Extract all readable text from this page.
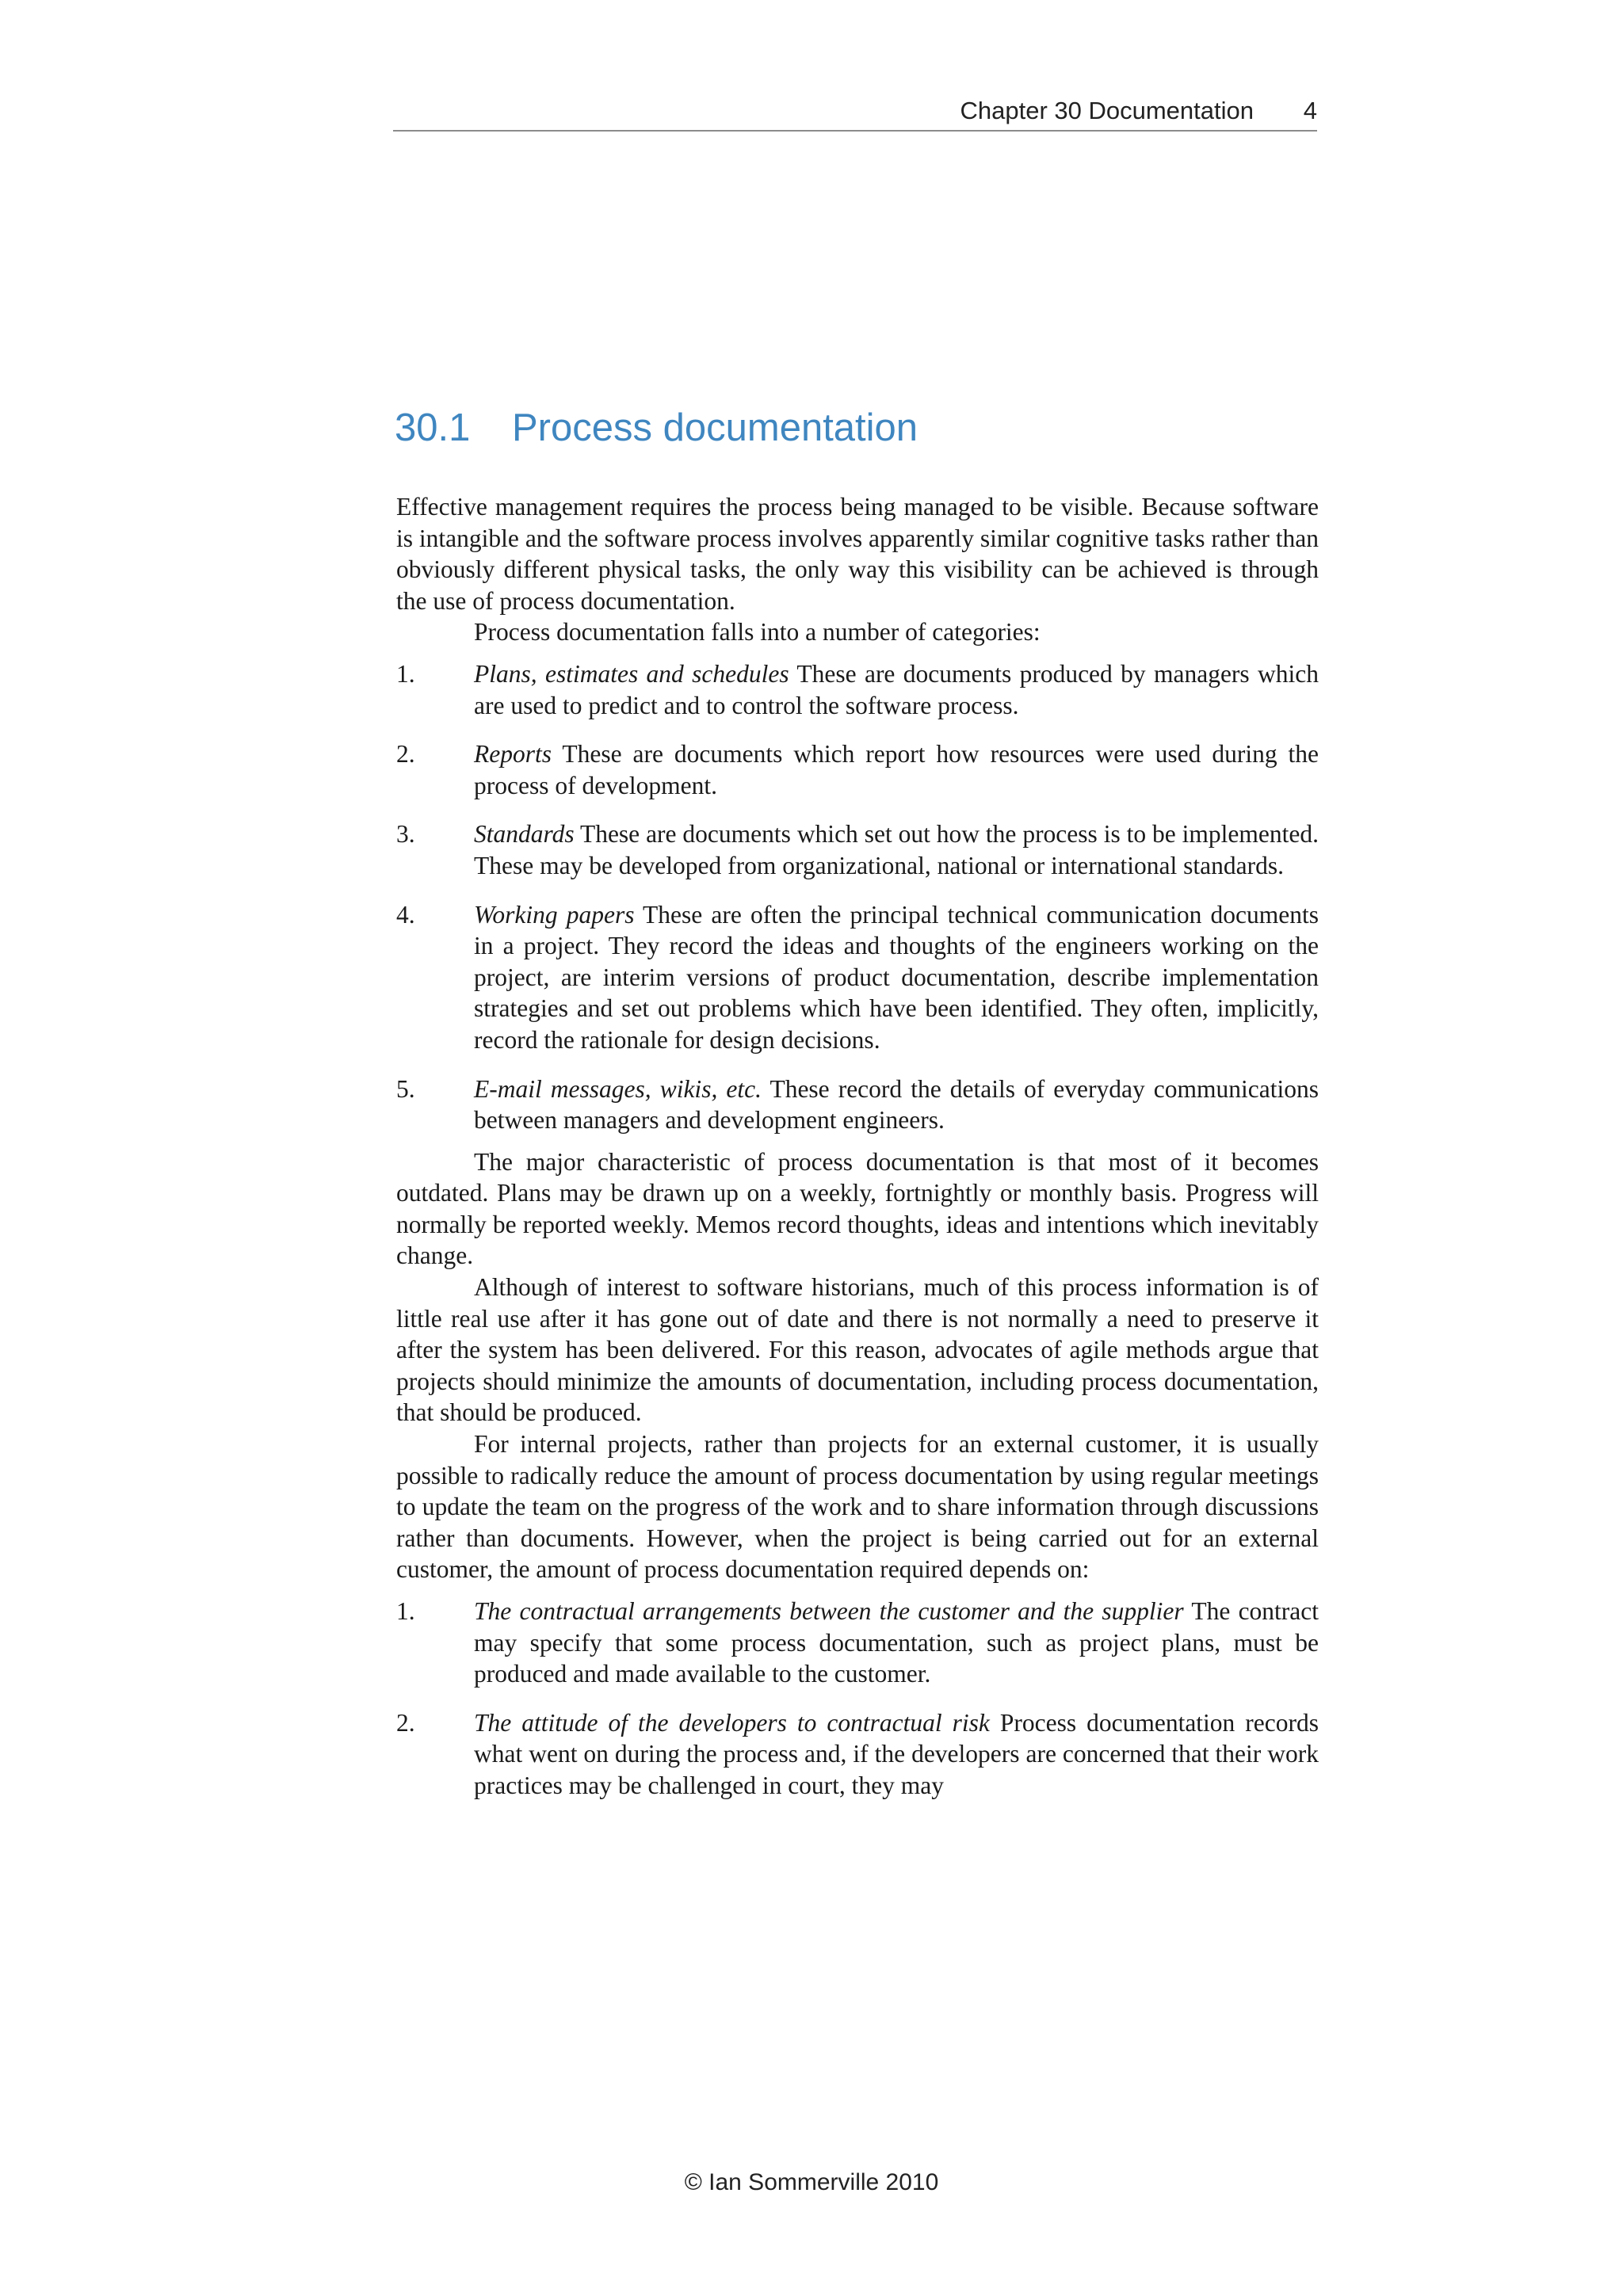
Chapter 30 Documentation 4
30.1 Process documentation

Effective management requires the process being managed to be visible. Because software is intangible and the software process involves apparently similar cognitive tasks rather than obviously different physical tasks, the only way this visibility can be achieved is through the use of process documentation.

Process documentation falls into a number of categories:

1. Plans, estimates and schedules These are documents produced by managers which are used to predict and to control the software process.
2. Reports These are documents which report how resources were used during the process of development.
3. Standards These are documents which set out how the process is to be implemented. These may be developed from organizational, national or international standards.
4. Working papers These are often the principal technical communication documents in a project. They record the ideas and thoughts of the engineers working on the project, are interim versions of product documentation, describe implementation strategies and set out problems which have been identified. They often, implicitly, record the rationale for design decisions.
5. E-mail messages, wikis, etc. These record the details of everyday communications between managers and development engineers.

The major characteristic of process documentation is that most of it becomes outdated. Plans may be drawn up on a weekly, fortnightly or monthly basis. Progress will normally be reported weekly. Memos record thoughts, ideas and intentions which inevitably change.

Although of interest to software historians, much of this process information is of little real use after it has gone out of date and there is not normally a need to preserve it after the system has been delivered. For this reason, advocates of agile methods argue that projects should minimize the amounts of documentation, including process documentation, that should be produced.

For internal projects, rather than projects for an external customer, it is usually possible to radically reduce the amount of process documentation by using regular meetings to update the team on the progress of the work and to share information through discussions rather than documents. However, when the project is being carried out for an external customer, the amount of process documentation required depends on:

1. The contractual arrangements between the customer and the supplier The contract may specify that some process documentation, such as project plans, must be produced and made available to the customer.
2. The attitude of the developers to contractual risk Process documentation records what went on during the process and, if the developers are concerned that their work practices may be challenged in court, they may
© Ian Sommerville 2010
